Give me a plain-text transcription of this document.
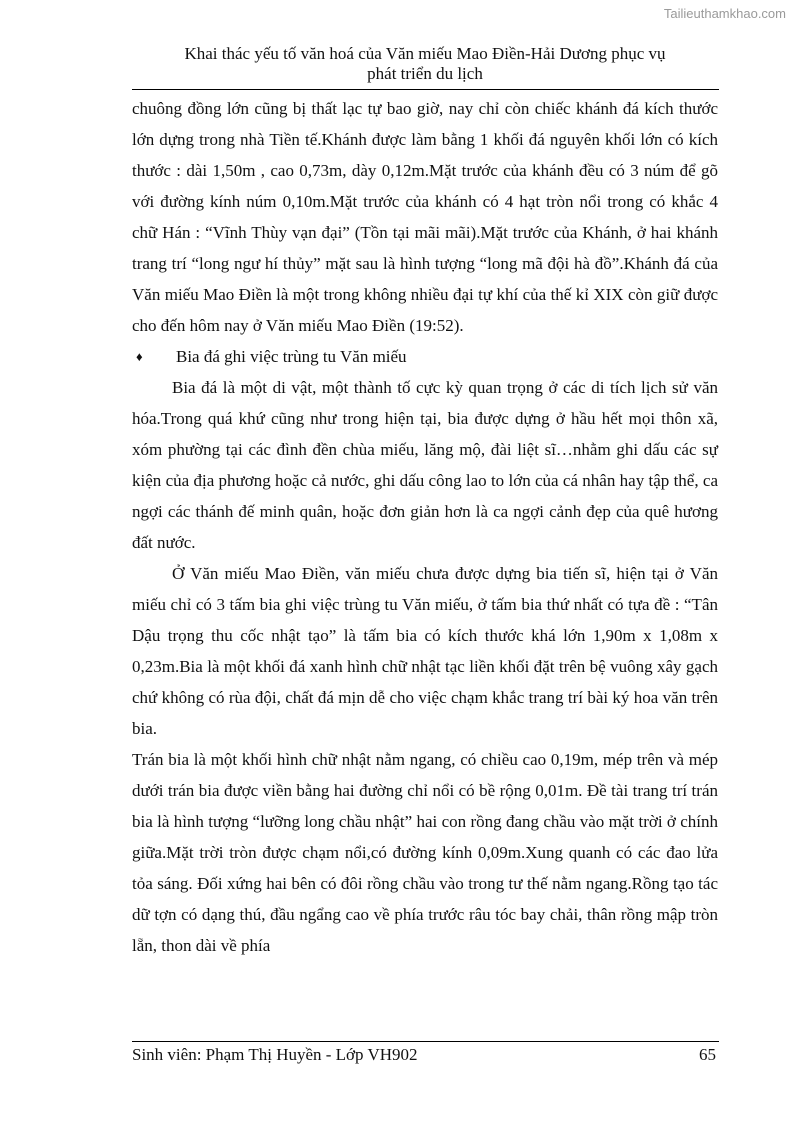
Tailieuthamkhao.com
Khai thác yếu tố văn hoá của Văn miếu Mao Điền-Hải Dương phục vụ
phát triển du lịch

chuông đồng lớn cũng bị thất lạc tự bao giờ, nay chỉ còn chiếc khánh đá kích thước lớn dựng trong nhà Tiền tế.Khánh được làm bằng 1 khối đá nguyên khối lớn có kích thước : dài 1,50m , cao 0,73m, dày 0,12m.Mặt trước của khánh đều có 3 núm để gõ với đường kính núm 0,10m.Mặt trước của khánh có 4 hạt tròn nổi trong có khắc 4 chữ Hán : “Vĩnh Thùy vạn đại” (Tồn tại mãi mãi).Mặt trước của Khánh, ở hai khánh trang trí “long ngư hí thủy” mặt sau là hình tượng “long mã đội hà đồ”.Khánh đá của Văn miếu Mao Điền là một trong không nhiều đại tự khí của thế kỉ XIX còn giữ được cho đến hôm nay ở Văn miếu Mao Điền (19:52).

♦	Bia đá ghi việc trùng tu Văn miếu

Bia đá là một di vật, một thành tố cực kỳ quan trọng ở các di tích lịch sử văn hóa.Trong quá khứ cũng như trong hiện tại, bia được dựng ở hầu hết mọi thôn xã, xóm phường tại các đình đền chùa miếu, lăng mộ, đài liệt sĩ…nhằm ghi dấu các sự kiện của địa phương hoặc cả nước, ghi dấu công lao to lớn của cá nhân hay tập thể, ca ngợi các thánh đế minh quân, hoặc đơn giản hơn là ca ngợi cảnh đẹp của quê hương đất nước.

Ở Văn miếu Mao Điền, văn miếu chưa được dựng bia tiến sĩ, hiện tại ở Văn miếu chỉ có 3 tấm bia ghi việc trùng tu Văn miếu, ở tấm bia thứ nhất có tựa đề : “Tân Dậu trọng thu cốc nhật tạo” là tấm bia có kích thước khá lớn 1,90m x 1,08m x 0,23m.Bia là một khối đá xanh hình chữ nhật tạc liền khối đặt trên bệ vuông xây gạch chứ không có rùa đội, chất đá mịn dễ cho việc chạm khắc trang trí bài ký hoa văn trên bia.

Trán bia là một khối hình chữ nhật nằm ngang, có chiều cao 0,19m, mép trên và mép dưới trán bia được viền bằng hai đường chỉ nổi có bề rộng 0,01m. Đề tài trang trí trán bia là hình tượng “lưỡng long chầu nhật” hai con rồng đang chầu vào mặt trời ở chính giữa.Mặt trời tròn được chạm nổi,có đường kính 0,09m.Xung quanh có các đao lửa tỏa sáng. Đối xứng hai bên có đôi rồng chầu vào trong tư thế nằm ngang.Rồng tạo tác dữ tợn có dạng thú, đầu ngẩng cao về phía trước râu tóc bay chải, thân rồng mập tròn lẵn, thon dài về phía

Sinh viên: Phạm Thị Huyền - Lớp VH902	65
